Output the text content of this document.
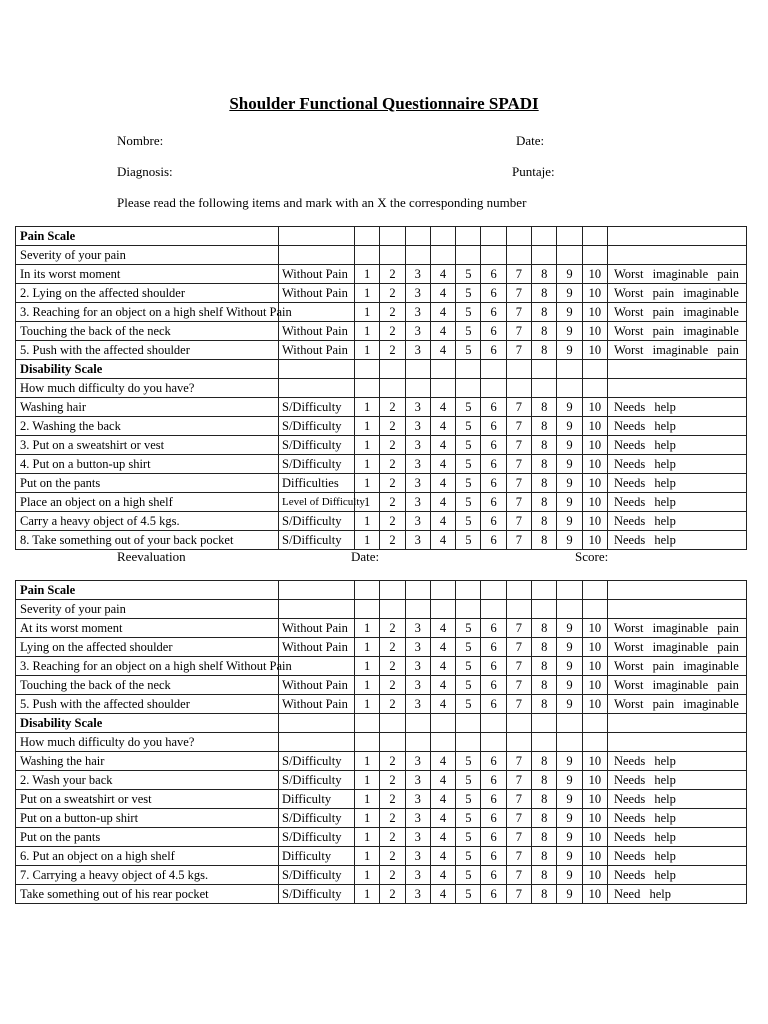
Shoulder Functional Questionnaire SPADI
Nombre:	Date:
Diagnosis:	Puntaje:
Please read the following items and mark with an X the corresponding number
Pain Scale												
Severity of your pain												
In its worst moment	Without Pain	1	2	3	4	5	6	7	8	9	10	Worst imaginable pain
2. Lying on the affected shoulder	Without Pain	1	2	3	4	5	6	7	8	9	10	Worst pain imaginable
3. Reaching for an object on a high shelf Without Pain		1	2	3	4	5	6	7	8	9	10	Worst pain imaginable
Touching the back of the neck	Without Pain	1	2	3	4	5	6	7	8	9	10	Worst pain imaginable
5. Push with the affected shoulder	Without Pain	1	2	3	4	5	6	7	8	9	10	Worst imaginable pain
Disability Scale												
How much difficulty do you have?												
Washing hair	S/Difficulty	1	2	3	4	5	6	7	8	9	10	Needs help
2. Washing the back	S/Difficulty	1	2	3	4	5	6	7	8	9	10	Needs help
3. Put on a sweatshirt or vest	S/Difficulty	1	2	3	4	5	6	7	8	9	10	Needs help
4. Put on a button-up shirt	S/Difficulty	1	2	3	4	5	6	7	8	9	10	Needs help
Put on the pants	Difficulties	1	2	3	4	5	6	7	8	9	10	Needs help
Place an object on a high shelf	Level of Difficulty	1	2	3	4	5	6	7	8	9	10	Needs help
Carry a heavy object of 4.5 kgs.	S/Difficulty	1	2	3	4	5	6	7	8	9	10	Needs help
8. Take something out of your back pocket	S/Difficulty	1	2	3	4	5	6	7	8	9	10	Needs help
Reevaluation	Date:	Score:
Pain Scale												
Severity of your pain												
At its worst moment	Without Pain	1	2	3	4	5	6	7	8	9	10	Worst imaginable pain
Lying on the affected shoulder	Without Pain	1	2	3	4	5	6	7	8	9	10	Worst imaginable pain
3. Reaching for an object on a high shelf Without Pain		1	2	3	4	5	6	7	8	9	10	Worst pain imaginable
Touching the back of the neck	Without Pain	1	2	3	4	5	6	7	8	9	10	Worst imaginable pain
5. Push with the affected shoulder	Without Pain	1	2	3	4	5	6	7	8	9	10	Worst pain imaginable
Disability Scale												
How much difficulty do you have?												
Washing the hair	S/Difficulty	1	2	3	4	5	6	7	8	9	10	Needs help
2. Wash your back	S/Difficulty	1	2	3	4	5	6	7	8	9	10	Needs help
Put on a sweatshirt or vest	Difficulty	1	2	3	4	5	6	7	8	9	10	Needs help
Put on a button-up shirt	S/Difficulty	1	2	3	4	5	6	7	8	9	10	Needs help
Put on the pants	S/Difficulty	1	2	3	4	5	6	7	8	9	10	Needs help
6. Put an object on a high shelf	Difficulty	1	2	3	4	5	6	7	8	9	10	Needs help
7. Carrying a heavy object of 4.5 kgs.	S/Difficulty	1	2	3	4	5	6	7	8	9	10	Needs help
Take something out of his rear pocket	S/Difficulty	1	2	3	4	5	6	7	8	9	10	Need help
